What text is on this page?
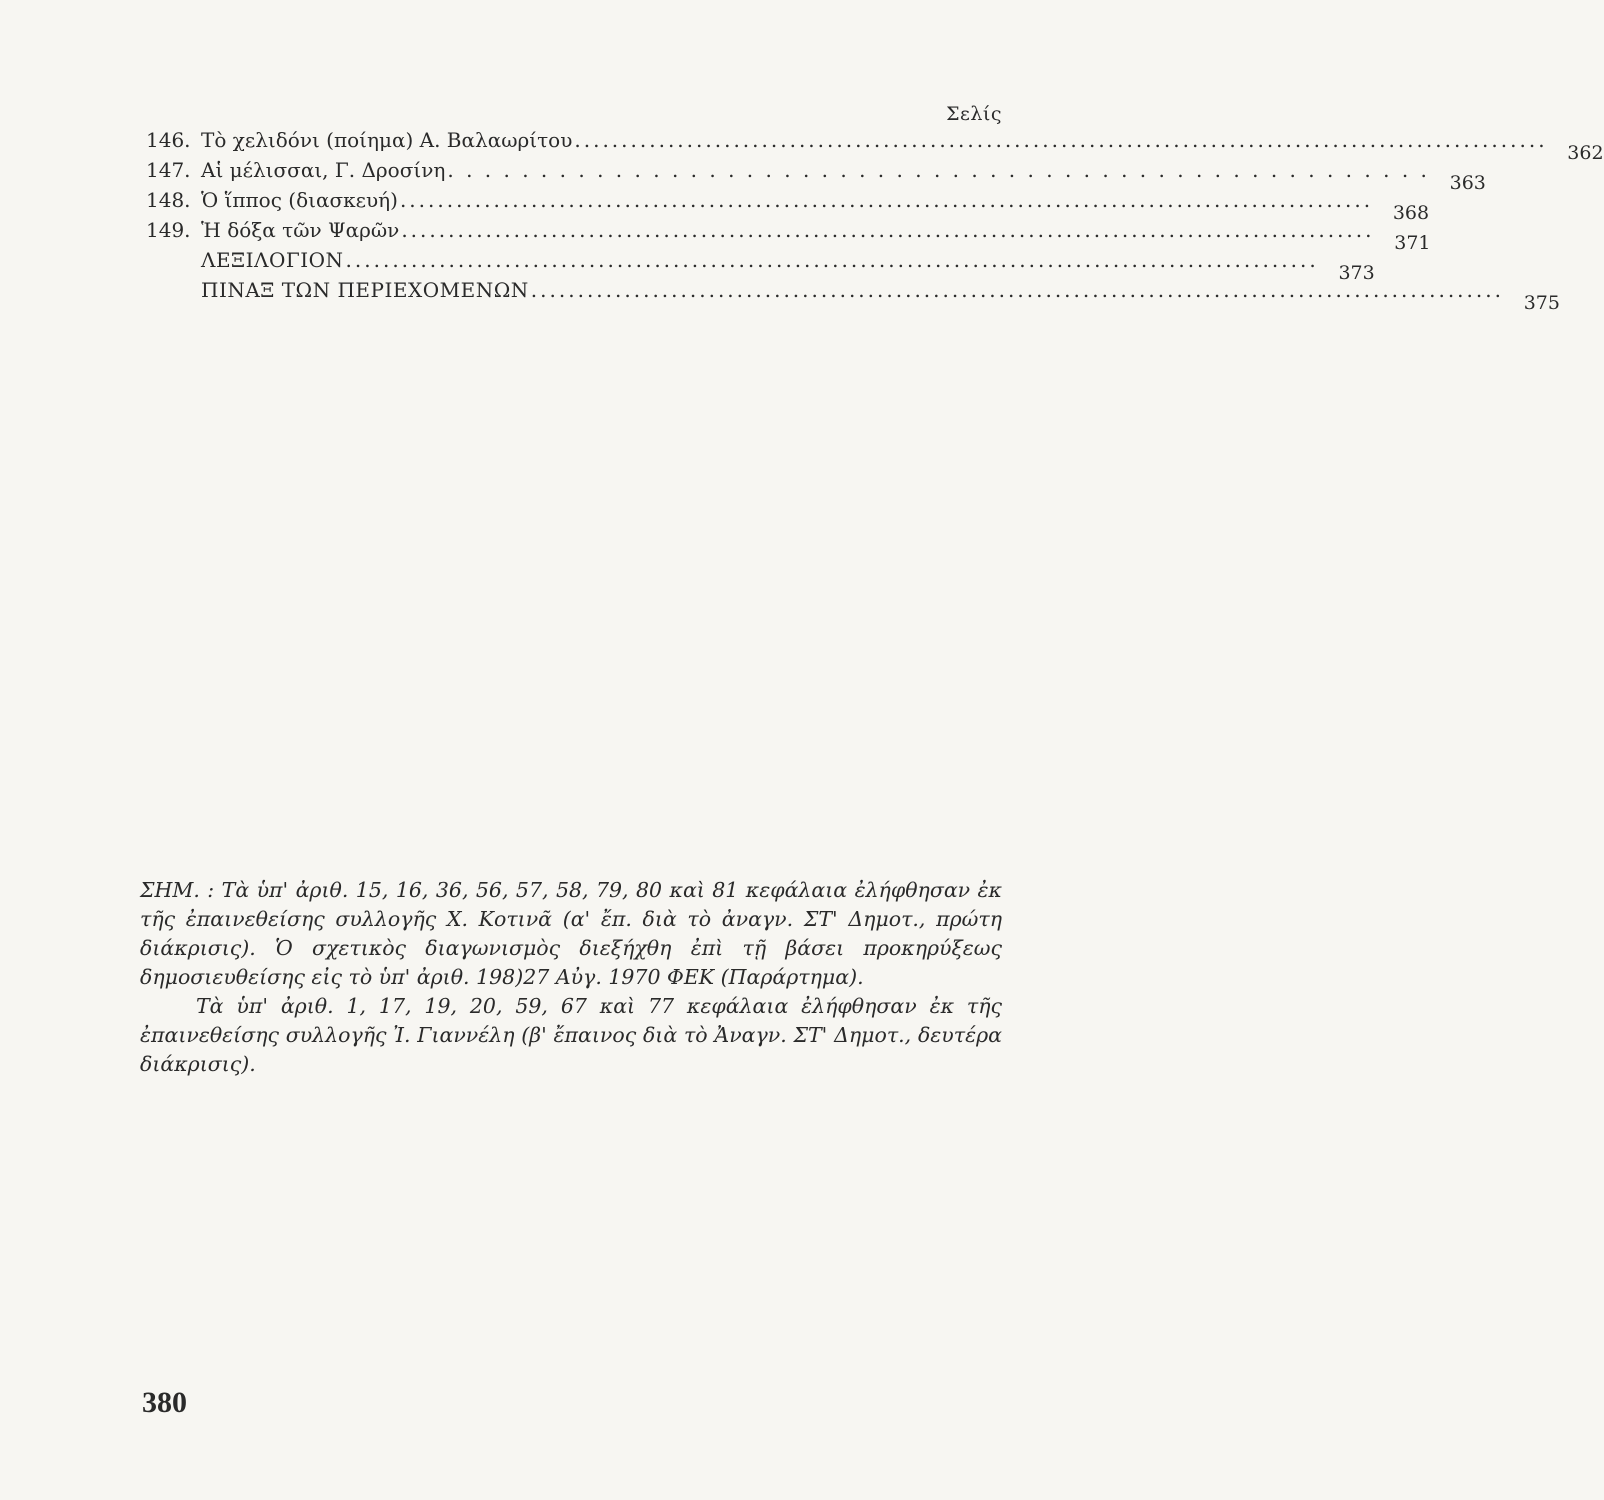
Σελίς
146. Τὸ χελιδόνι (ποίημα) Α. Βαλαωρίτου ........................................................................................................
362
147. Αἱ μέλισσαι, Γ. Δροσίνη . . . . . . . . . . . . . . . . . . . . . . . . . . . . . . . . . . . . . . . . . . . . . . . . . . . . .
363
148. Ὁ ἵππος (διασκευή) ........................................................................................................
368
149. Ἡ δόξα τῶν Ψαρῶν ........................................................................................................
371
ΛΕΞΙΛΟΓΙΟΝ ........................................................................................................
373
ΠΙΝΑΞ ΤΩΝ ΠΕΡΙΕΧΟΜΕΝΩΝ ........................................................................................................
375

ΣΗΜ. : Τὰ ὑπ' ἀριθ. 15, 16, 36, 56, 57, 58, 79, 80 καὶ 81 κεφάλαια ἐλήφθησαν ἐκ τῆς ἐπαινεθείσης συλλογῆς Χ. Κοτινᾶ (α' ἔπ. διὰ τὸ ἀναγν. ΣΤ' Δημοτ., πρώτη διάκρισις). Ὁ σχετικὸς διαγωνισμὸς διεξήχθη ἐπὶ τῇ βάσει προκηρύξεως δημοσιευθείσης εἰς τὸ ὑπ' ἀριθ. 198)27 Αὐγ. 1970 ΦΕΚ (Παράρτημα).

Τὰ ὑπ' ἀριθ. 1, 17, 19, 20, 59, 67 καὶ 77 κεφάλαια ἐλήφθησαν ἐκ τῆς ἐπαινεθείσης συλλογῆς Ἰ. Γιαννέλη (β' ἔπαινος διὰ τὸ Ἀναγν. ΣΤ' Δημοτ., δευτέρα διάκρισις).

380
